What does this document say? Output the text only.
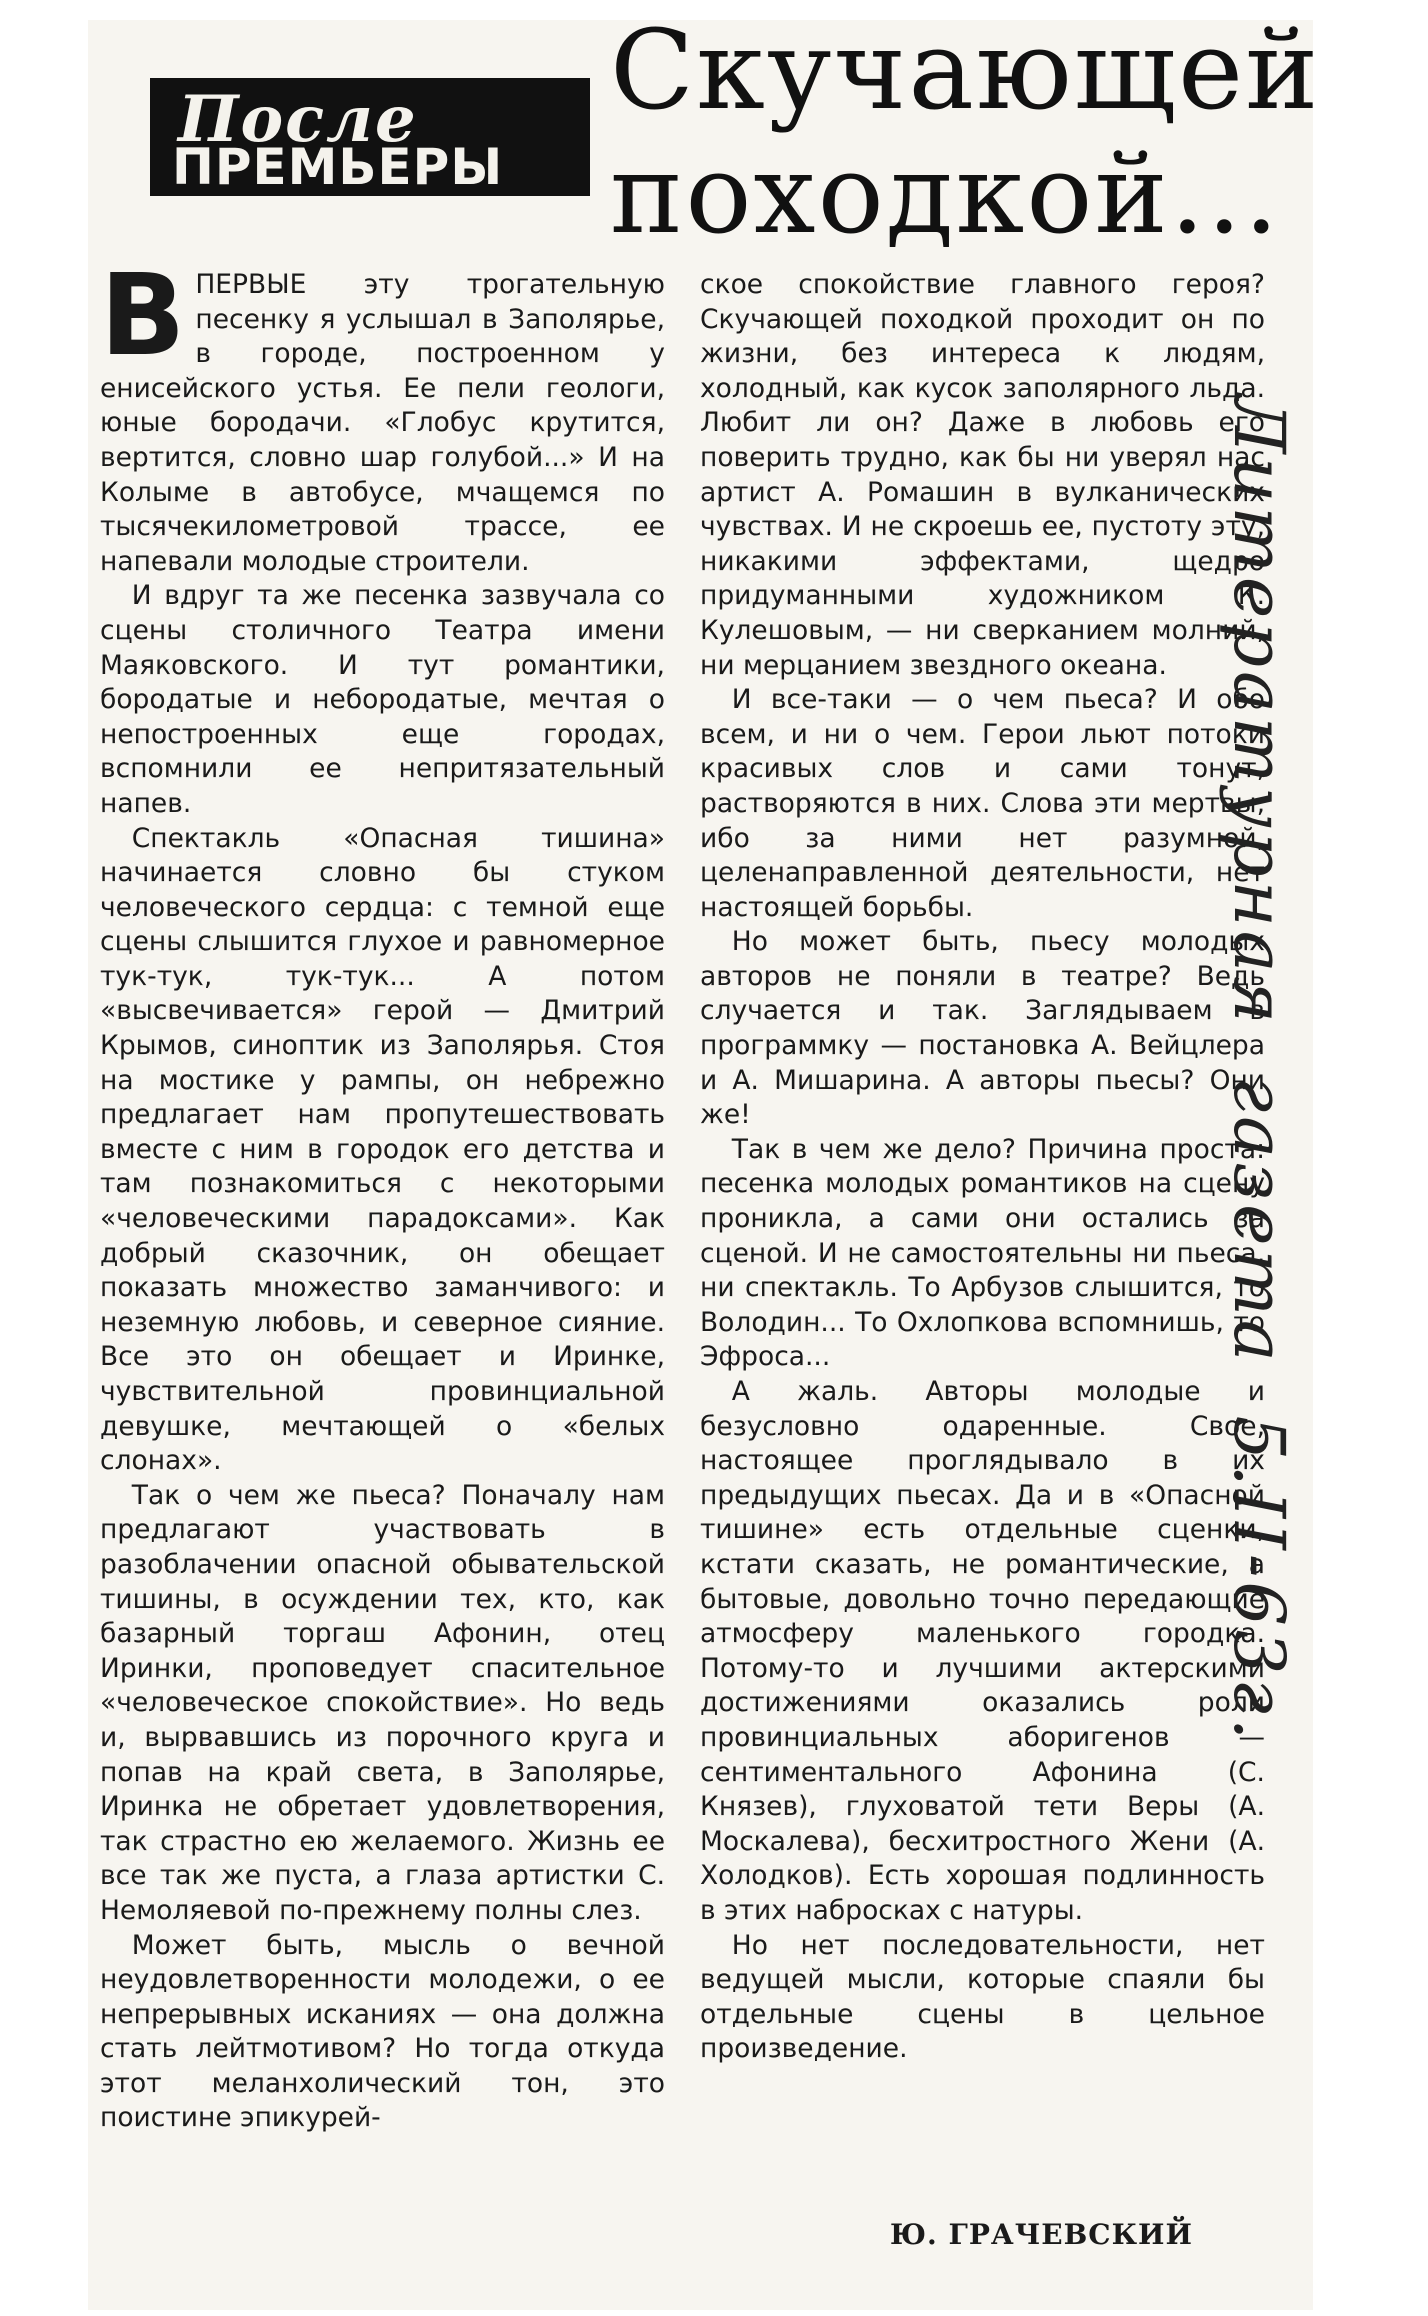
После
ПРЕМЬЕРЫ
Скучающей
походкой...

ВПЕРВЫЕ эту трогательную песенку я услышал в Заполярье, в городе, построенном у енисейского устья. Ее пели геологи, юные бородачи. «Глобус крутится, вертится, словно шар голубой...» И на Колыме в автобусе, мчащемся по тысячекилометровой трассе, ее напевали молодые строители.

И вдруг та же песенка зазвучала со сцены столичного Театра имени Маяковского. И тут романтики, бородатые и небородатые, мечтая о непостроенных еще городах, вспомнили ее непритязательный напев.

Спектакль «Опасная тишина» начинается словно бы стуком человеческого сердца: с темной еще сцены слышится глухое и равномерное тук-тук, тук-тук... А потом «высвечивается» герой — Дмитрий Крымов, синоптик из Заполярья. Стоя на мостике у рампы, он небрежно предлагает нам пропутешествовать вместе с ним в городок его детства и там познакомиться с некоторыми «человеческими парадоксами». Как добрый сказочник, он обещает показать множество заманчивого: и неземную любовь, и северное сияние. Все это он обещает и Иринке, чувствительной провинциальной девушке, мечтающей о «белых слонах».

Так о чем же пьеса? Поначалу нам предлагают участвовать в разоблачении опасной обывательской тишины, в осуждении тех, кто, как базарный торгаш Афонин, отец Иринки, проповедует спасительное «человеческое спокойствие». Но ведь и, вырвавшись из порочного круга и попав на край света, в Заполярье, Иринка не обретает удовлетворения, так страстно ею желаемого. Жизнь ее все так же пуста, а глаза артистки С. Немоляевой по-прежнему полны слез.

Может быть, мысль о вечной неудовлетворенности молодежи, о ее непрерывных исканиях — она должна стать лейтмотивом? Но тогда откуда этот меланхолический тон, это поистине эпикурей-

ское спокойствие главного героя? Скучающей походкой проходит он по жизни, без интереса к людям, холодный, как кусок заполярного льда. Любит ли он? Даже в любовь его поверить трудно, как бы ни уверял нас артист А. Ромашин в вулканических чувствах. И не скроешь ее, пустоту эту, никакими эффектами, щедро придуманными художником К. Кулешовым, — ни сверканием молний, ни мерцанием звездного океана.

И все-таки — о чем пьеса? И обо всем, и ни о чем. Герои льют потоки красивых слов и сами тонут, растворяются в них. Слова эти мертвы, ибо за ними нет разумной, целенаправленной деятельности, нет настоящей борьбы.

Но может быть, пьесу молодых авторов не поняли в театре? Ведь случается и так. Заглядываем в программку — постановка А. Вейцлера и А. Мишарина. А авторы пьесы? Они же!

Так в чем же дело? Причина проста: песенка молодых романтиков на сцену проникла, а сами они остались за сценой. И не самостоятельны ни пьеса, ни спектакль. То Арбузов слышится, то Володин... То Охлопкова вспомнишь, то Эфроса...

А жаль. Авторы молодые и безусловно одаренные. Свое, настоящее проглядывало в их предыдущих пьесах. Да и в «Опасной тишине» есть отдельные сценки, кстати сказать, не романтические, а бытовые, довольно точно передающие атмосферу маленького городка. Потому-то и лучшими актерскими достижениями оказались роли провинциальных аборигенов — сентиментального Афонина (С. Князев), глуховатой тети Веры (А. Москалева), бесхитростного Жени (А. Холодков). Есть хорошая подлинность в этих набросках с натуры.

Но нет последовательности, нет ведущей мысли, которые спаяли бы отдельные сцены в цельное произведение.

Ю. ГРАЧЕВСКИЙ
Литературнаягазета5.II-63г.
